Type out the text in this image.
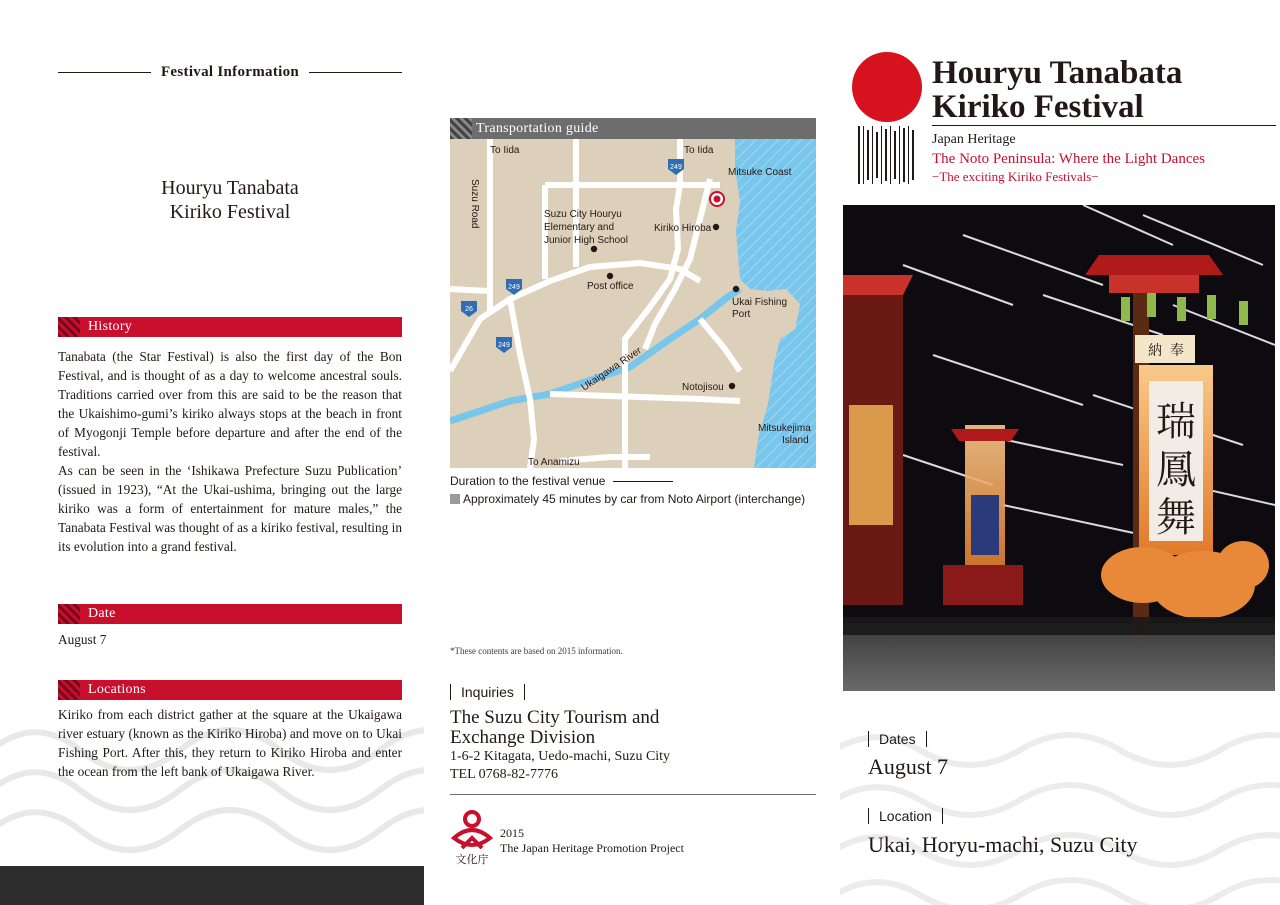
Festival Information
Houryu Tanabata
Kiriko Festival
History

Tanabata (the Star Festival) is also the first day of the Bon Festival, and is thought of as a day to welcome ancestral souls. Traditions carried over from this are said to be the reason that the Ukaishimo-gumi’s kiriko always stops at the beach in front of Myogonji Temple before departure and after the end of the festival.

As can be seen in the ‘Ishikawa Prefecture Suzu Publication’ (issued in 1923), “At the Ukai-ushima, bringing out the large kiriko was a form of entertainment for mature males,” the Tanabata Festival was thought of as a kiriko festival, resulting in its evolution into a grand festival.

Date

August 7

Locations

Kiriko from each district gather at the square at the Ukaigawa river estuary (known as the Kiriko Hiroba) and move on to Ukai Fishing Port. After this, they return to Kiriko Hiroba and enter the ocean from the left bank of Ukaigawa River.

Transportation guide
To Iida	To Iida
Mitsuke Coast
Suzu Road	Suzu City Houryu
Elementary and
Junior High School
Kiriko Hiroba
Post office
Ukai Fishing
Port
Ukaigawa River	Notojisou
Mitsukejima
Island
To Anamizu
249
249
249
26
Duration to the festival venue
Approximately 45 minutes by car from Noto Airport (interchange)
*These contents are based on 2015 information.
Inquiries
The Suzu City Tourism and
Exchange Division
1-6-2 Kitagata, Uedo-machi, Suzu City
TEL 0768-82-7776
文化庁
2015
The Japan Heritage Promotion Project
Houryu Tanabata
Kiriko Festival
Japan Heritage
The Noto Peninsula: Where the Light Dances
−The exciting Kiriko Festivals−
瑞
鳳
舞
納 奉
Dates
August 7
Location
Ukai, Horyu-machi, Suzu City
